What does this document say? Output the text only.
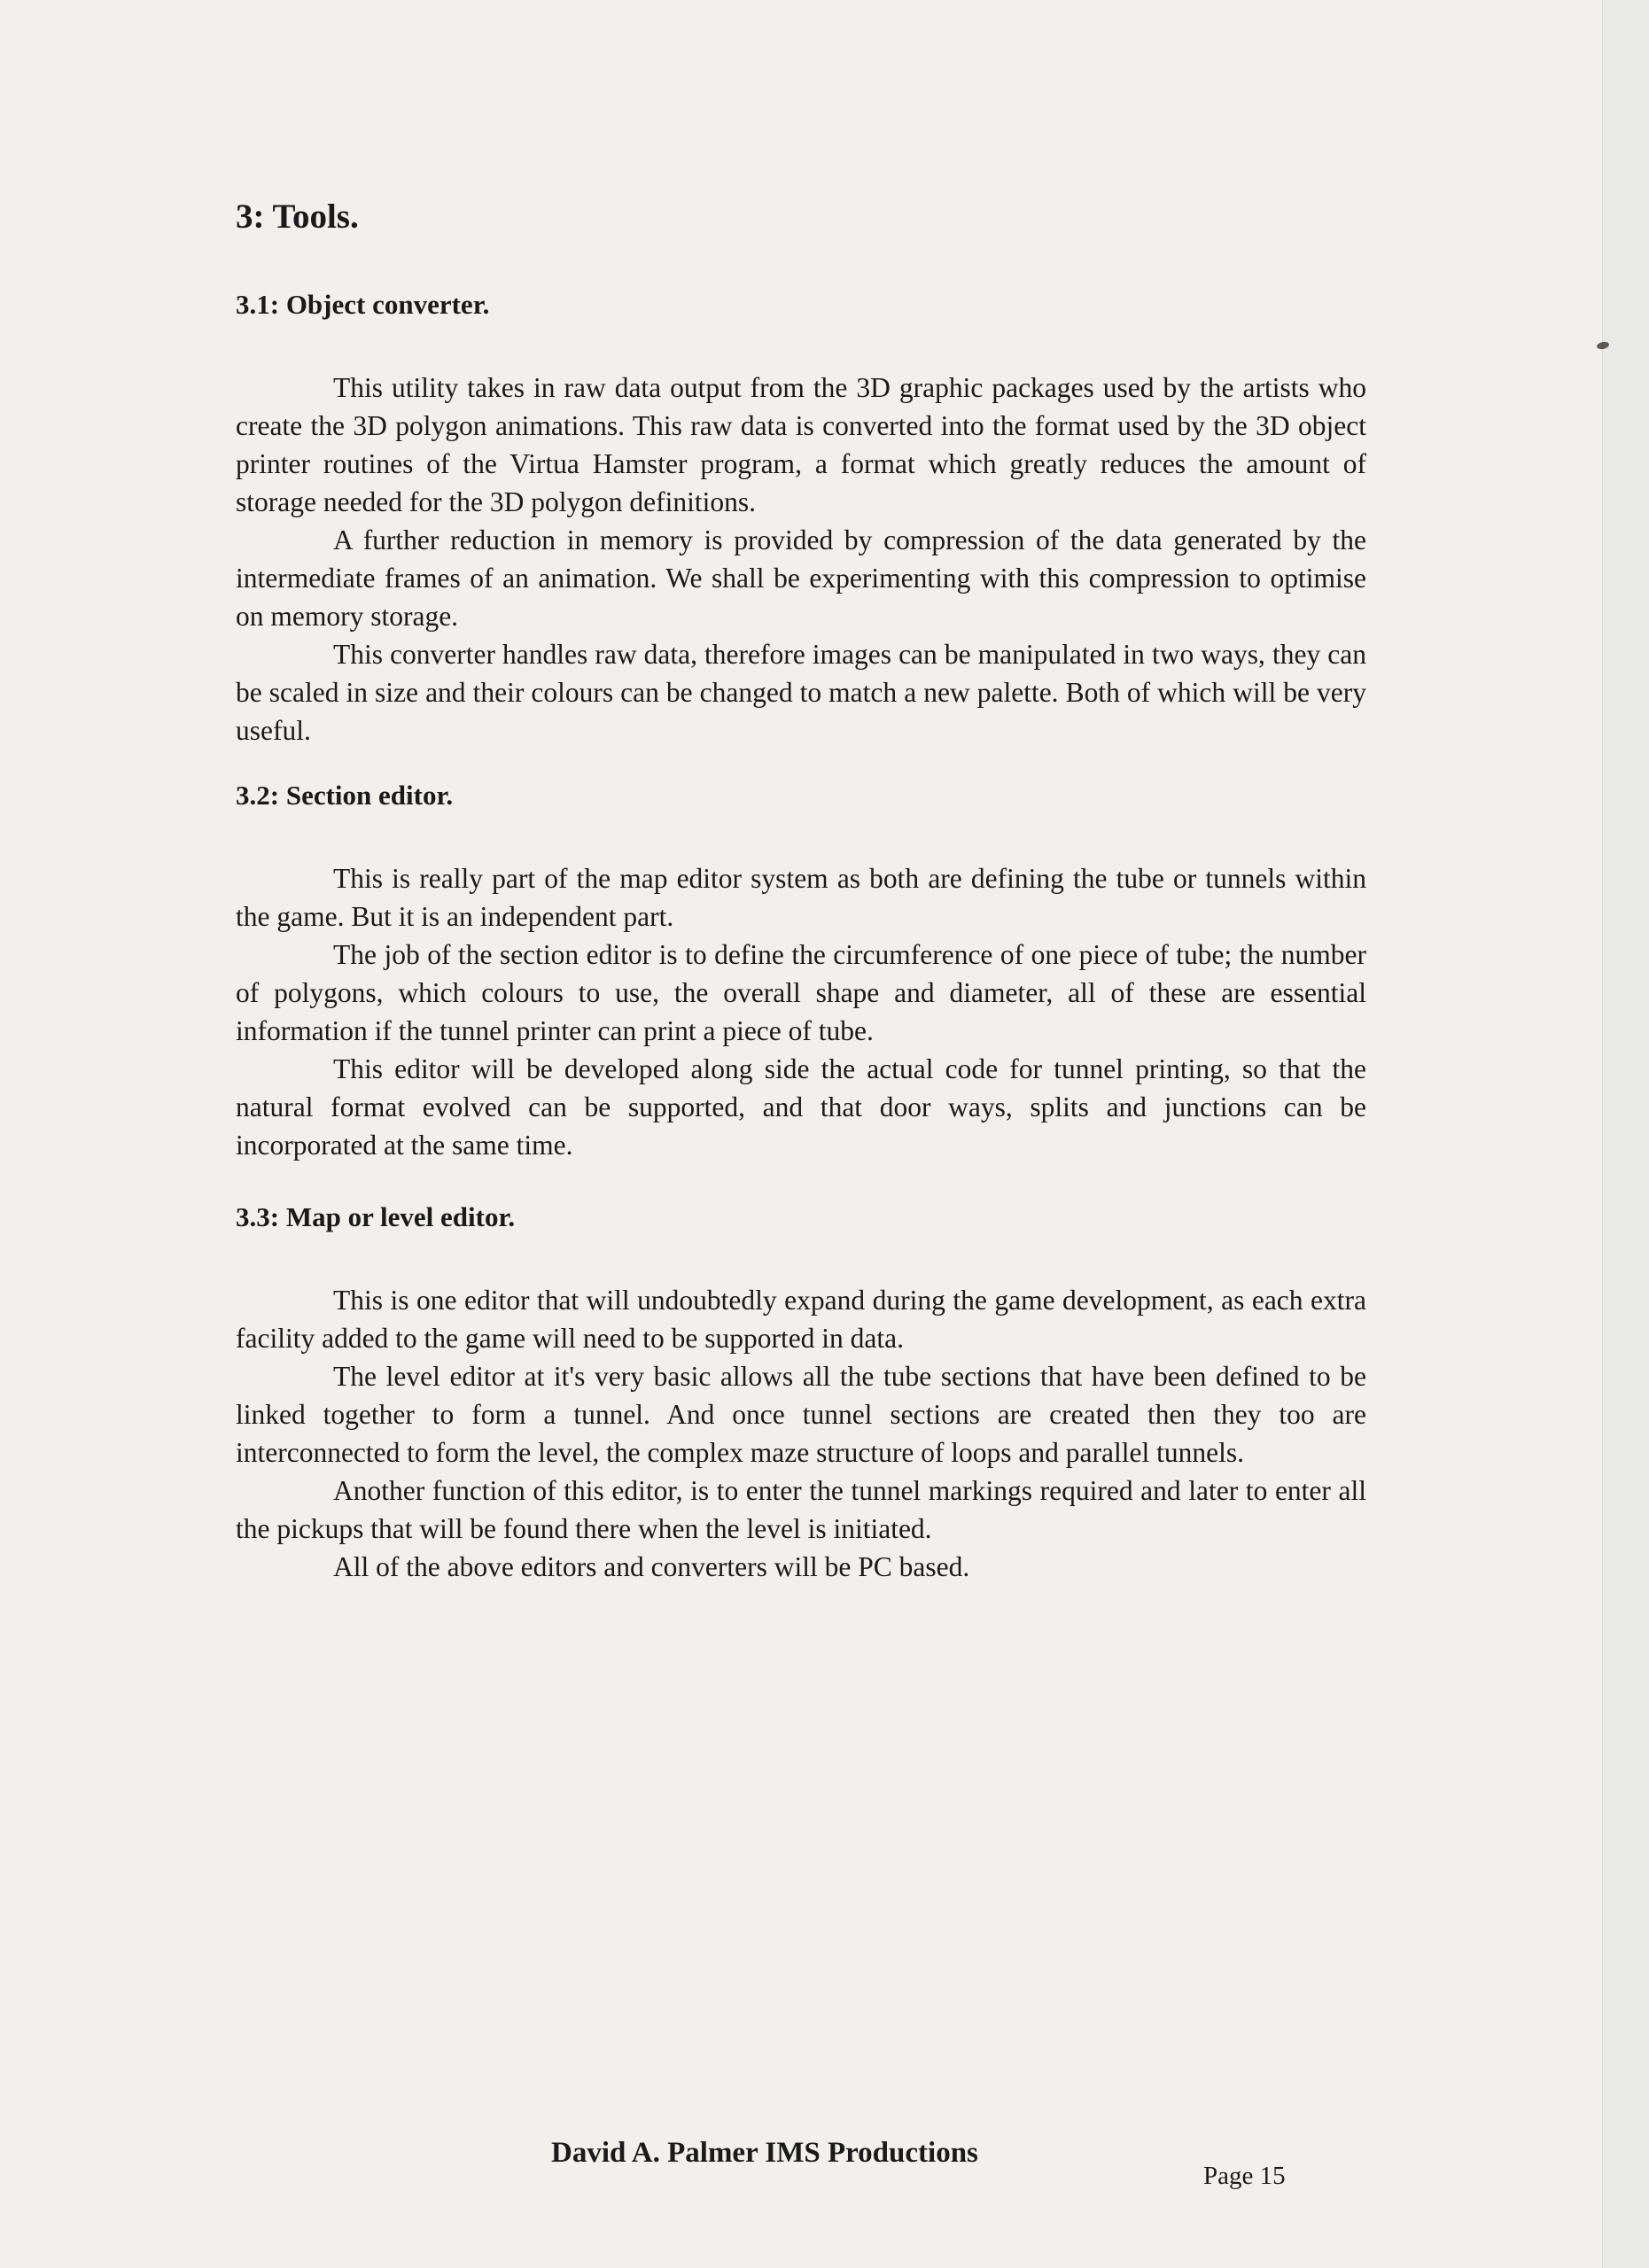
3: Tools.
3.1: Object converter.

This utility takes in raw data output from the 3D graphic packages used by the artists who create the 3D polygon animations. This raw data is converted into the format used by the 3D object printer routines of the Virtua Hamster program, a format which greatly reduces the amount of storage needed for the 3D polygon definitions.

A further reduction in memory is provided by compression of the data generated by the intermediate frames of an animation. We shall be experimenting with this compression to optimise on memory storage.

This converter handles raw data, therefore images can be manipulated in two ways, they can be scaled in size and their colours can be changed to match a new palette. Both of which will be very useful.

3.2: Section editor.

This is really part of the map editor system as both are defining the tube or tunnels within the game. But it is an independent part.

The job of the section editor is to define the circumference of one piece of tube; the number of polygons, which colours to use, the overall shape and diameter, all of these are essential information if the tunnel printer can print a piece of tube.

This editor will be developed along side the actual code for tunnel printing, so that the natural format evolved can be supported, and that door ways, splits and junctions can be incorporated at the same time.

3.3: Map or level editor.

This is one editor that will undoubtedly expand during the game development, as each extra facility added to the game will need to be supported in data.

The level editor at it's very basic allows all the tube sections that have been defined to be linked together to form a tunnel. And once tunnel sections are created then they too are interconnected to form the level, the complex maze structure of loops and parallel tunnels.

Another function of this editor, is to enter the tunnel markings required and later to enter all the pickups that will be found there when the level is initiated.

All of the above editors and converters will be PC based.

David A. Palmer IMS Productions
Page 15
